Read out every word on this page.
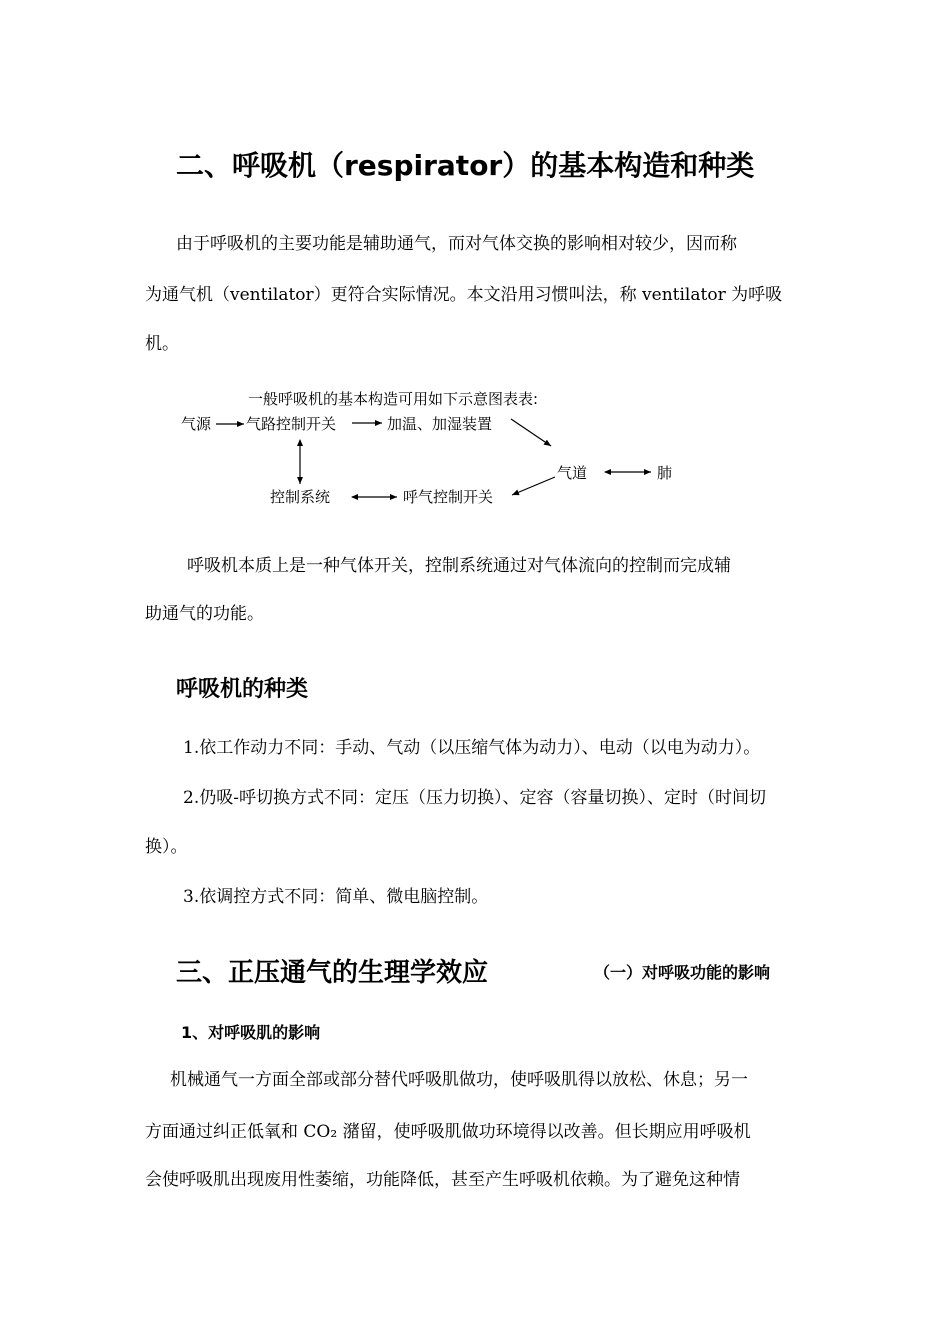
二、呼吸机（respirator）的基本构造和种类
由于呼吸机的主要功能是辅助通气，而对气体交换的影响相对较少，因而称
为通气机（ventilator）更符合实际情况。本文沿用习惯叫法，称 ventilator 为呼吸
机。
一般呼吸机的基本构造可用如下示意图表表:
气源 气路控制开关	加温、加湿装置
气道	肺
控制系统	呼气控制开关
呼吸机本质上是一种气体开关，控制系统通过对气体流向的控制而完成辅
助通气的功能。
呼吸机的种类
1.依工作动力不同：手动、气动（以压缩气体为动力）、电动（以电为动力）。
2.仍吸-呼切换方式不同：定压（压力切换）、定容（容量切换）、定时（时间切
换）。
3.依调控方式不同：简单、微电脑控制。
三、正压通气的生理学效应	（一）对呼吸功能的影响
1、对呼吸肌的影响
机械通气一方面全部或部分替代呼吸肌做功，使呼吸肌得以放松、休息；另一
方面通过纠正低氧和 CO₂ 潴留，使呼吸肌做功环境得以改善。但长期应用呼吸机
会使呼吸肌出现废用性萎缩，功能降低，甚至产生呼吸机依赖。为了避免这种情
